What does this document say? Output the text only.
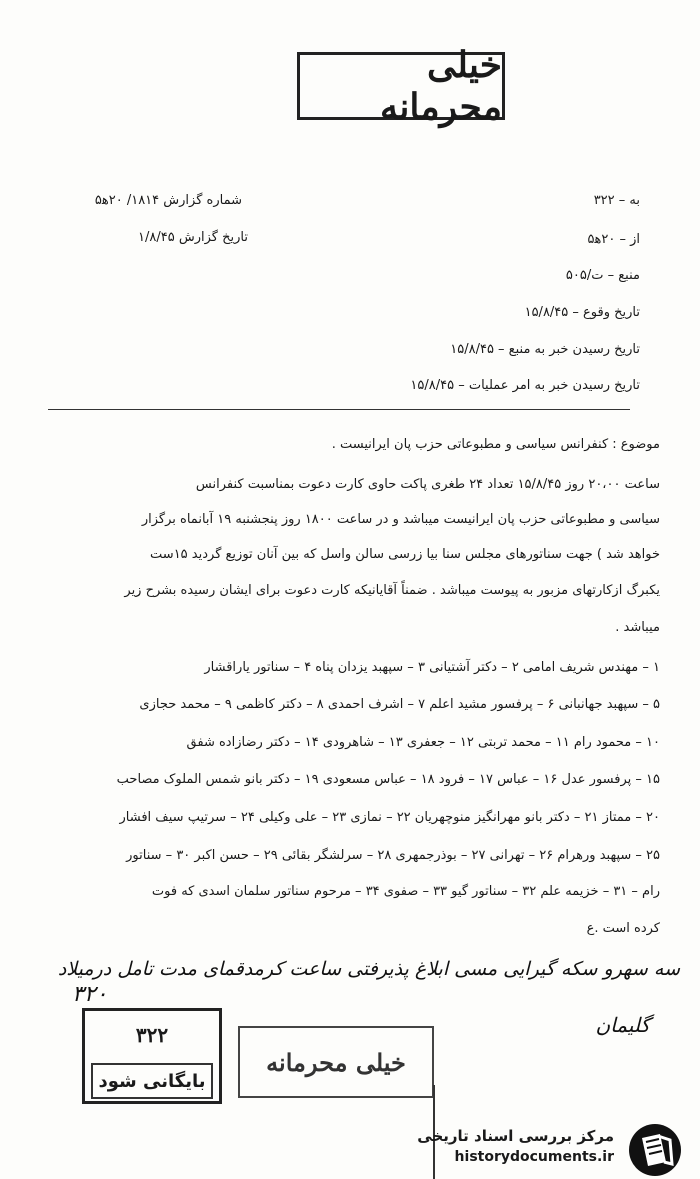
خیلی محرمانه
به – ۳۲۲
از – ۲۰ه‍۵
منبع – ت/۵۰۵
شماره گزارش ۱۸۱۴/ ۲۰ه‍۵
تاریخ گزارش ۱/۸/۴۵
تاریخ وقوع – ۱۵/۸/۴۵
تاریخ رسیدن خبر به منبع – ۱۵/۸/۴۵
تاریخ رسیدن خبر به امر عملیات – ۱۵/۸/۴۵
موضوع : کنفرانس سیاسی و مطبوعاتی حزب پان ایرانیست .
ساعت ۲۰،۰۰ روز ۱۵/۸/۴۵ تعداد ۲۴ طغری پاکت حاوی کارت دعوت بمناسبت کنفرانس
سیاسی و مطبوعاتی حزب پان ایرانیست میباشد و در ساعت ۱۸۰۰ روز پنجشنبه ۱۹ آبانماه برگزار
خواهد شد ) جهت سناتورهای مجلس سنا بیا زرسی سالن واسل که بین آنان توزیع گردید ۱۵ست
یکبرگ ازکارتهای مزبور به پیوست میباشد . ضمناً آقایانیکه کارت دعوت برای ایشان رسیده بشرح زیر
میباشد .
۱ – مهندس شریف امامی ۲ – دکتر آشتیانی ۳ – سپهبد یزدان پناه ۴ – سناتور یاراقشار
۵ – سپهبد جهانبانی ۶ – پرفسور مشید اعلم ۷ – اشرف احمدی ۸ – دکتر کاظمی ۹ – محمد حجازی
۱۰ – محمود رام ۱۱ – محمد تربتی ۱۲ – جعفری ۱۳ – شاهرودی ۱۴ – دکتر رضازاده شفق
۱۵ – پرفسور عدل ۱۶ – عباس ۱۷ – فرود ۱۸ – عباس مسعودی ۱۹ – دکتر بانو شمس الملوک مصاحب
۲۰ – ممتاز ۲۱ – دکتر بانو مهرانگیز منوچهریان ۲۲ – نمازی ۲۳ – علی وکیلی ۲۴ – سرتیپ سیف افشار
۲۵ – سپهبد ورهرام ۲۶ – تهرانی ۲۷ – بوذرجمهری ۲۸ – سرلشگر بقائی ۲۹ – حسن اکبر ۳۰ – سناتور
رام – ۳۱ – خزیمه علم ۳۲ – سناتور گیو ۳۳ – صفوی ۳۴ – مرحوم سناتور سلمان اسدی که فوت
کرده است .ع
سه سهرو سکه گیرایی مسی ابلاغ پذیرفتی ساعت کرمدقمای مدت تامل درمیلاد
۳۲۰
گلیمان
۳۲۲
بایگانی شود
خیلی محرمانه
مرکز بررسی اسناد تاریخی
historydocuments.ir
